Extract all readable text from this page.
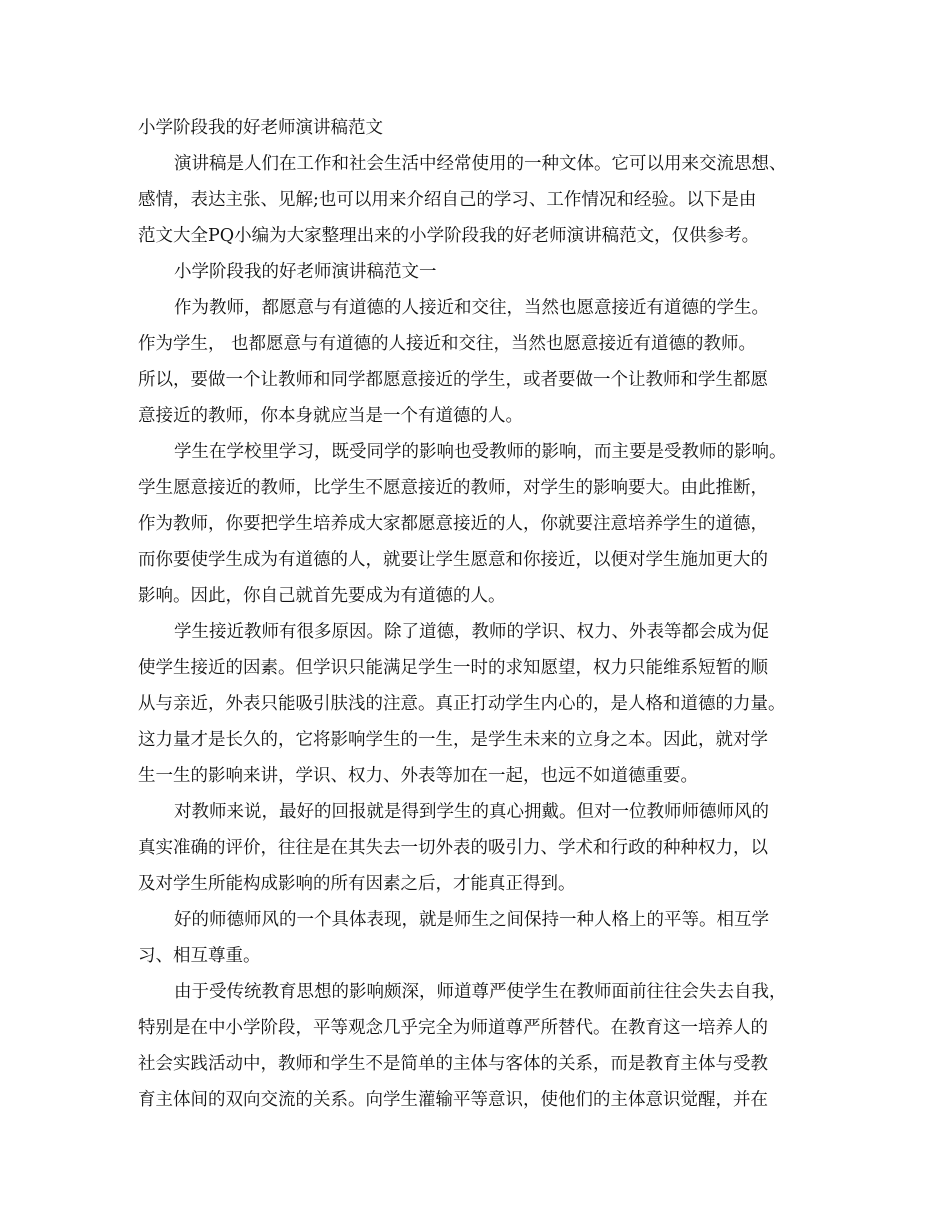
小学阶段我的好老师演讲稿范文

演讲稿是人们在工作和社会生活中经常使用的一种文体。它可以用来交流思想、

感情，表达主张、见解;也可以用来介绍自己的学习、工作情况和经验。以下是由

范文大全PQ小编为大家整理出来的小学阶段我的好老师演讲稿范文，仅供参考。

小学阶段我的好老师演讲稿范文一

作为教师，都愿意与有道德的人接近和交往，当然也愿意接近有道德的学生。

作为学生， 也都愿意与有道德的人接近和交往，当然也愿意接近有道德的教师。

所以，要做一个让教师和同学都愿意接近的学生，或者要做一个让教师和学生都愿

意接近的教师，你本身就应当是一个有道德的人。

学生在学校里学习，既受同学的影响也受教师的影响，而主要是受教师的影响。

学生愿意接近的教师，比学生不愿意接近的教师，对学生的影响要大。由此推断，

作为教师，你要把学生培养成大家都愿意接近的人，你就要注意培养学生的道德，

而你要使学生成为有道德的人，就要让学生愿意和你接近，以便对学生施加更大的

影响。因此，你自己就首先要成为有道德的人。

学生接近教师有很多原因。除了道德，教师的学识、权力、外表等都会成为促

使学生接近的因素。但学识只能满足学生一时的求知愿望，权力只能维系短暂的顺

从与亲近，外表只能吸引肤浅的注意。真正打动学生内心的，是人格和道德的力量。

这力量才是长久的，它将影响学生的一生，是学生未来的立身之本。因此，就对学

生一生的影响来讲，学识、权力、外表等加在一起，也远不如道德重要。

对教师来说，最好的回报就是得到学生的真心拥戴。但对一位教师师德师风的

真实准确的评价，往往是在其失去一切外表的吸引力、学术和行政的种种权力，以

及对学生所能构成影响的所有因素之后，才能真正得到。

好的师德师风的一个具体表现，就是师生之间保持一种人格上的平等。相互学

习、相互尊重。

由于受传统教育思想的影响颇深，师道尊严使学生在教师面前往往会失去自我，

特别是在中小学阶段，平等观念几乎完全为师道尊严所替代。在教育这一培养人的

社会实践活动中，教师和学生不是简单的主体与客体的关系，而是教育主体与受教

育主体间的双向交流的关系。向学生灌输平等意识，使他们的主体意识觉醒，并在
